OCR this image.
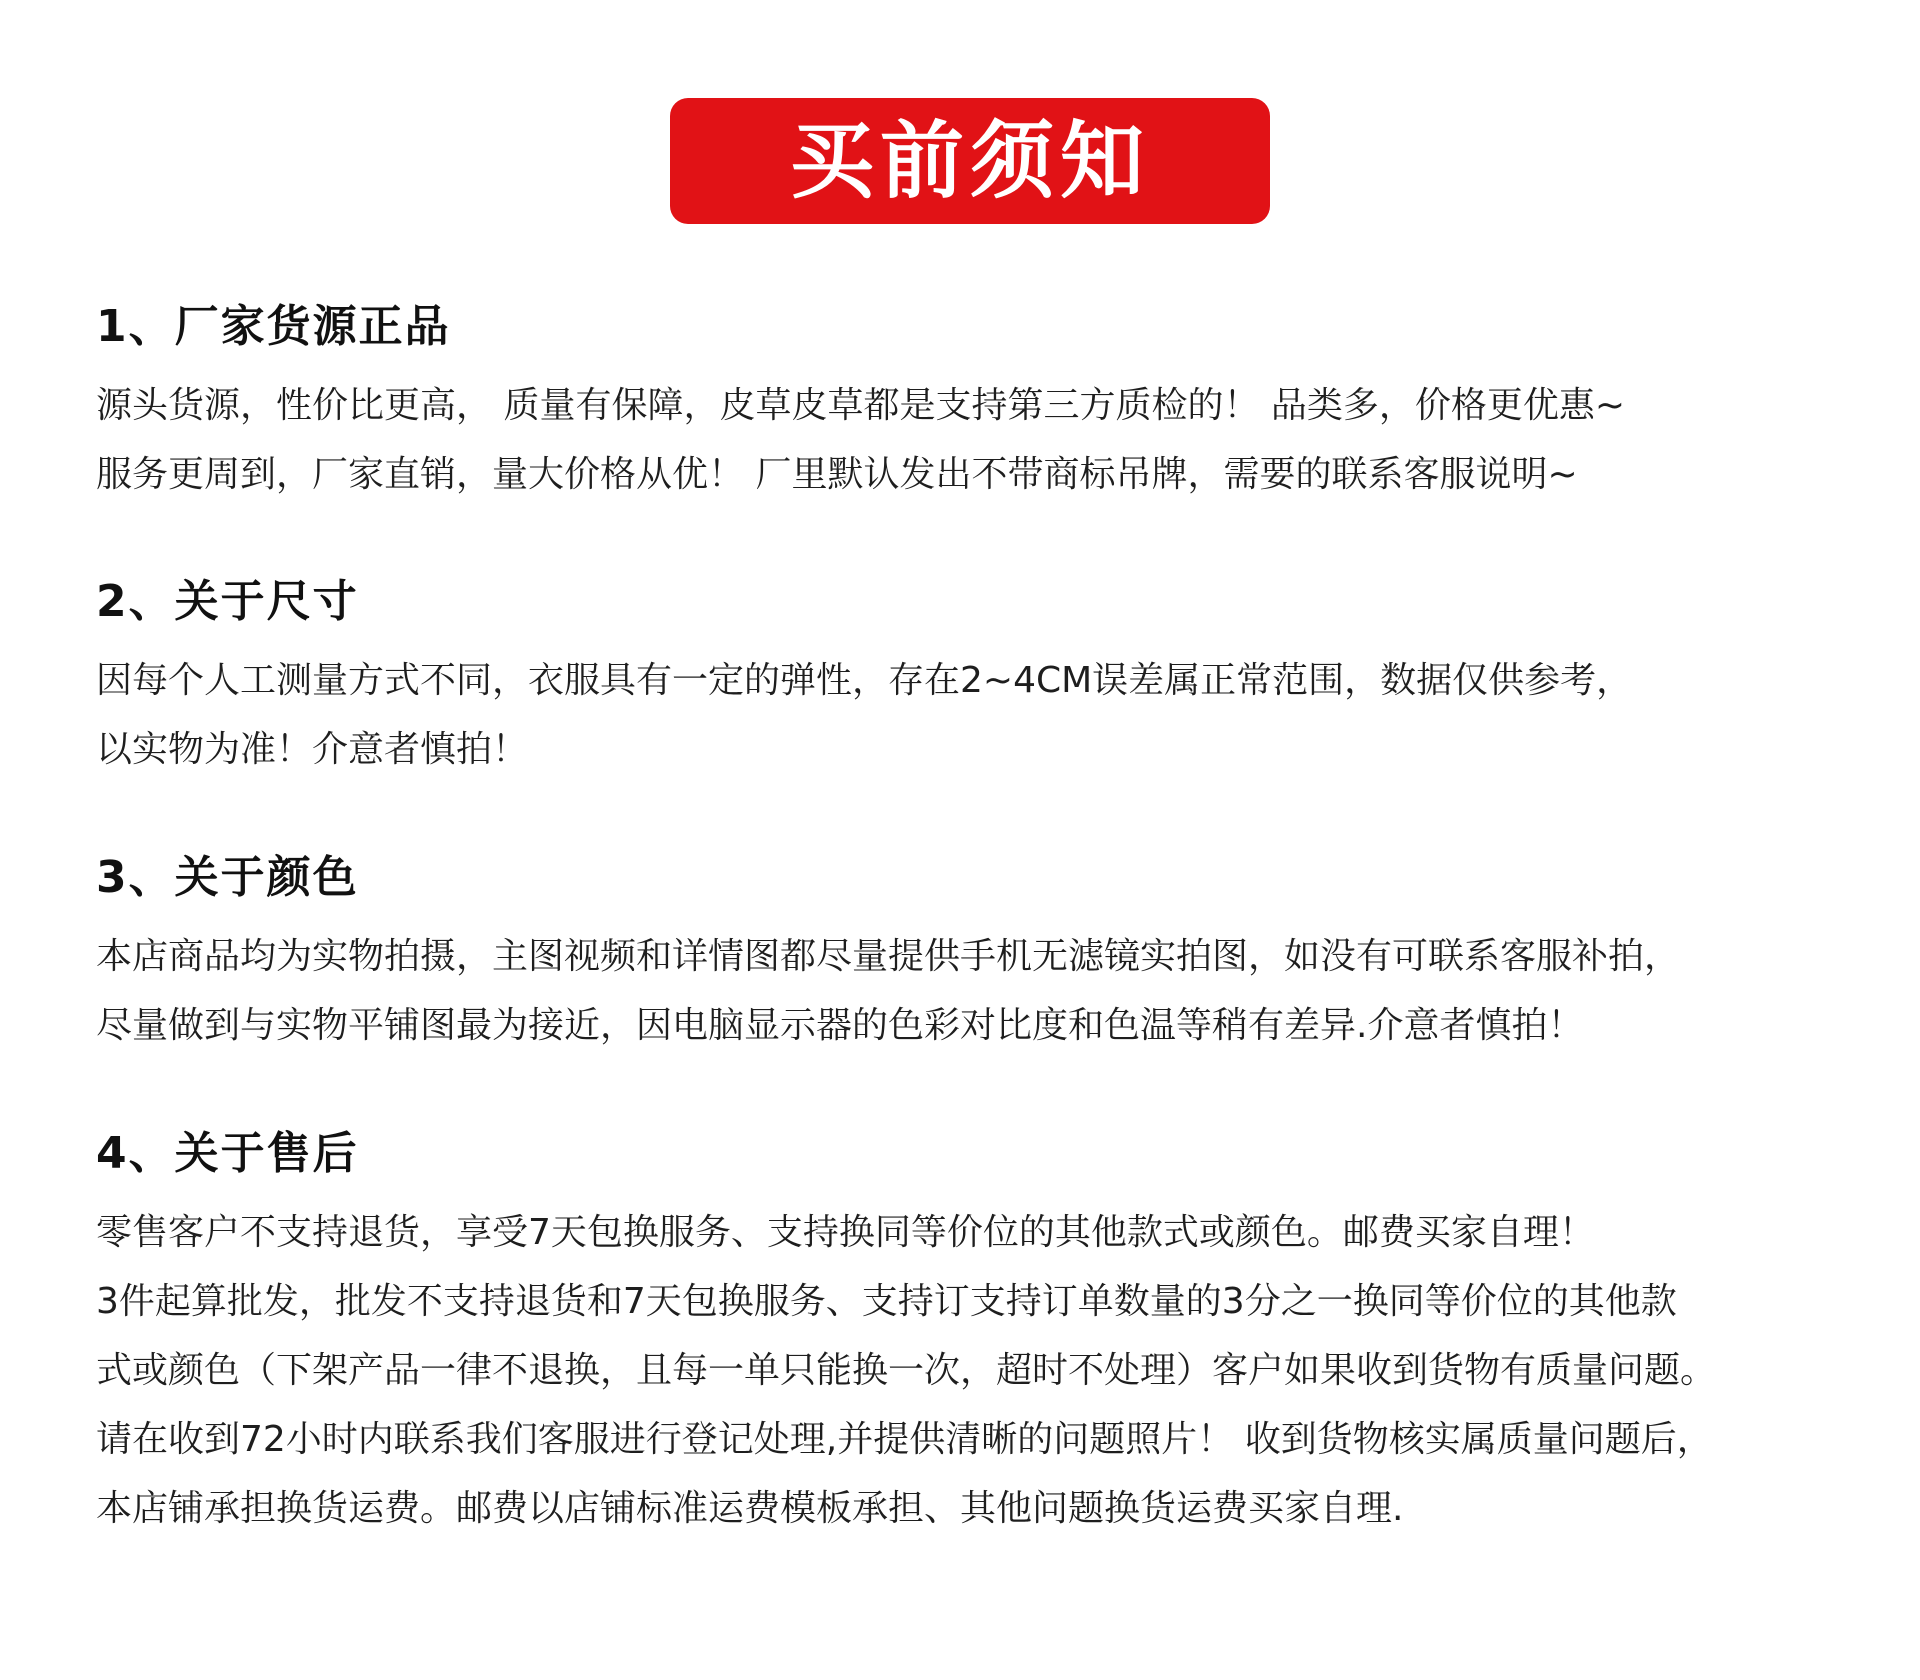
买前须知
1、厂家货源正品

源头货源，性价比更高， 质量有保障，皮草皮草都是支持第三方质检的！ 品类多，价格更优惠~

服务更周到，厂家直销，量大价格从优！ 厂里默认发出不带商标吊牌，需要的联系客服说明~

2、关于尺寸

因每个人工测量方式不同，衣服具有一定的弹性，存在2~4CM误差属正常范围，数据仅供参考，

以实物为准！介意者慎拍！

3、关于颜色

本店商品均为实物拍摄，主图视频和详情图都尽量提供手机无滤镜实拍图，如没有可联系客服补拍，

尽量做到与实物平铺图最为接近，因电脑显示器的色彩对比度和色温等稍有差异.介意者慎拍！

4、关于售后

零售客户不支持退货，享受7天包换服务、支持换同等价位的其他款式或颜色。邮费买家自理！

3件起算批发，批发不支持退货和7天包换服务、支持订支持订单数量的3分之一换同等价位的其他款

式或颜色（下架产品一律不退换，且每一单只能换一次，超时不处理）客户如果收到货物有质量问题。

请在收到72小时内联系我们客服进行登记处理,并提供清晰的问题照片！ 收到货物核实属质量问题后，

本店铺承担换货运费。邮费以店铺标准运费模板承担、其他问题换货运费买家自理.
